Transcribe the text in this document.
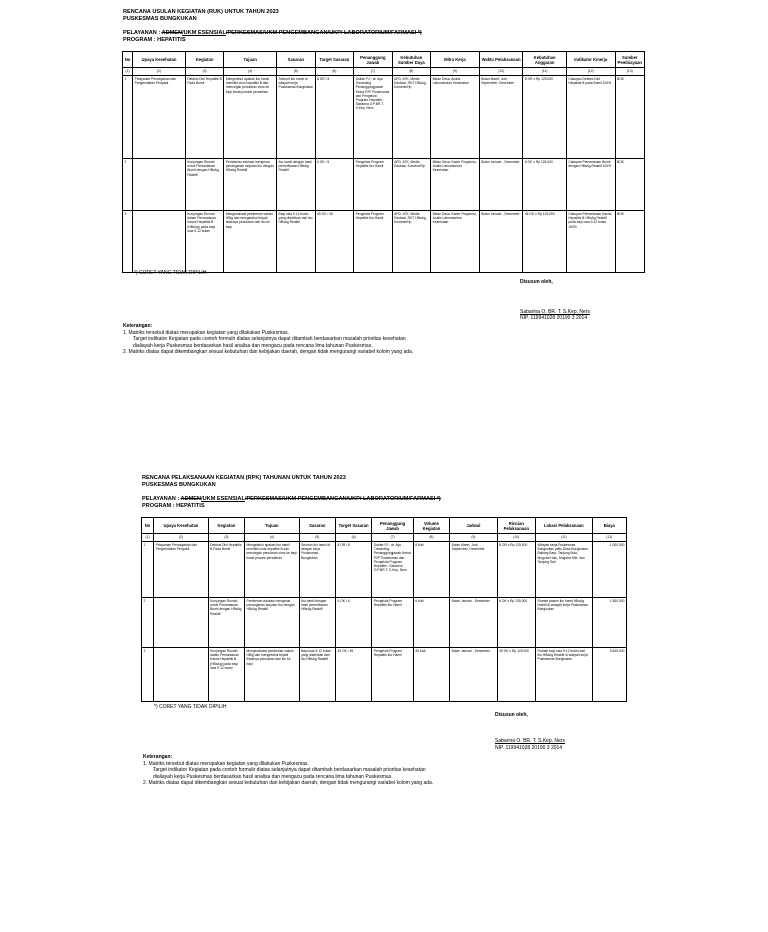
RENCANA USULAN KEGIATAN (RUK) UNTUK TAHUN 2023
PUSKESMAS BUNGKUKAN
PELAYANAN : ADMEN/UKM ESENSIAL/PERKESMAS/UKM PENGEMBANGAN/UKP/ LABORATORIUM/FARMASI *)
PROGRAM : HEPATITIS
No	Upaya Kesehatan	Kegiatan	Tujuan	Sasaran	Target Sasaran	Penanggung Jawab	Kebutuhan Sumber Daya	Mitra Kerja	Waktu Pelaksanaan	Kebutuhan Anggaran	Indikator Kinerja	Sumber Pembiayaan
(1)	(2)	(3)	(4)	(5)	(6)	(7)	(8)	(9)	(10)	(11)	(12)	(13)
1	Pelayanan Pencegahan dan Pengendalian Penyakit	Deteksi Dini Hepatitis B Pada Bumil	Mengetahui apakah ibu hamil memiliki virus hepatitis B dan mencegah penularan virus ke bayi lewat prosesi persalinan	Seluruh ibu hamil di wilayah kerja Puskesmas Bungkukan	8 OR / 8	Dokter PJ : dr. Ayu Trimanting Penanggungjawab Ketua P2P Puskesmas dan Pengelola Program Hepatitis : Sabarina O.P.BR.T, S.Kep, Ners	APD, ATK, Media Edukasi, RDT HBsAg, Komersi/Hp	Bidan Desa, Analis Laboratorium Kesehatan	Bulan Maret, Juni, September, Desember	8 OR x Rp 125.000	Cakupan Deteksi Dini Hepatitis B pada Bumil 100%	BOK
2		Kunjungan Rumah untuk Pemantauan Bumil dengan HBsAg Reaktif	Pemberian edukasi mengenai penanganan lanjutan ibu dengan HBsAg Reaktif	Ibu hamil dengan hasil pemeriksaan HBsAg Reaktif	6 OK / 6	Pengelola Program Hepatitis Ibu Hamil	APD, ATK, Media Edukasi, Komersi/Hp	Bidan Desa, Kader Posyandu, Analis Laboratorium Kesehatan	Bulan Januari - Desember	6 OK x Rp 125.000	Cakupan Pemantauan Bumil dengan HBsAg Reaktif 100%	BOK
3		Kunjungan Rumah dalam Pemantauan Kasus Hepatitis B (HBsAg) pada bayi usia 9-12 bulan	Mengevaluasi pemberian vaksin HBig dan mengetahui terjadi tidaknya penularan dari ibu ke bayi	Bayi usia 9-12 bulan yang dilahirkan dari ibu HBsAg Reaktif	45 OK / 45	Pengelola Program Hepatitis Ibu Hamil	APD, ATK, Media Edukasi, RDT HBsAg, Komersi/Hp	Bidan Desa, Kader Posyandu, Analis Laboratorium Kesehatan	Bulan Januari - Desember	45 OK x Rp 125.000	Cakupan Pemantauan Kasus Hepatitis B HBsAg Reaktif pada bayi usia 9-12 bulan 100%	BOK
*) CORET YANG TIDAK DIPILIH
Disusun oleh,
Sabarina O. BR. T. S.Kep. Ners
NIP. 119941028 20190 3 2014
Keterangan:
1. Matriks tersebut diatas merupakan kegiatan yang dilakukan Puskesmas.
Target indikator Kegiatan pada contoh formulir diatas selanjutnya dapat ditambah berdasarkan masalah prioritas kesehatan
dialiayah kerja Puskesmas berdasarkan hasil analisa dan mengacu pada rencana lima tahunan Puskesmas.
2. Matriks diatas dapat dikembangkan sesuai kebutuhan dan kebijakan daerah, dengan tidak mengurangi variabel kolom yang ada.
RENCANA PELAKSANAAN KEGIATAN (RPK) TAHUNAN UNTUK TAHUN 2023
PUSKESMAS BUNGKUKAN
PELAYANAN : ADMEN/UKM ESENSIAL/PERKESMAS/UKM PENGEMBANGAN/UKP/ LABORATORIUM/FARMASI *)
PROGRAM : HEPATITIS
No	Upaya Kesehatan	Kegiatan	Tujuan	Sasaran	Target Sasaran	Penanggung Jawab	Volume Kegiatan	Jadwal	Rincian Pelaksanaan	Lokasi Pelaksanaan	Biaya
(1)	(2)	(3)	(4)	(5)	(6)	(7)	(8)	(9)	(10)	(11)	(12)
1	Pelayanan Pencegahan dan Pengendalian Penyakit	Deteksi Dini Hepatitis B Pada Bumil	Mengetahui apakah ibu hamil memiliki virus hepatitis B dan mencegah penularan virus ke bayi lewat prosesi persalinan	Seluruh ibu hamil di wilayah kerja Puskesmas Bungkukan	8 OR / 8	Dokter PJ : dr. Ayu Trimanting Penanggungjawab Ketua P2P Puskesmas dan Pengelola Program Hepatitis : Sabarina O.P.BR.T, S.Kep, Ners	8 Kali	Bulan Maret, Juni, September, Desember	8 OR x Rp 125.000	Wilayah kerja Puskesmas Bungkukan yaitu Desa Bungkukan, Ballang Batu, Tanjung Bulu, Mogoba Hulu, Mogoba Hilir, dan Tanjung Sari	1,000,000
2		Kunjungan Rumah untuk Pemantauan Bumil dengan HBsAg Reaktif	Pemberian edukasi mengenai penanganan lanjutan ibu dengan HBsAg Reaktif	Ibu hamil dengan hasil pemeriksaan HBsAg Reaktif	6 OK / 6	Pengelola Program Hepatitis Ibu Hamil	6 Kali	Bulan Januari - Desember	6 OK x Rp 125.000	Rumah pasien ibu hamil HBsAg reaktif di wilayah kerja Puskesmas Bungkukan	1,500,000
3		Kunjungan Rumah dalam Pemantauan Kasus Hepatitis B (HBsAg) pada bayi usia 9-12 bulan	Mengevaluasi pemberian vaksin HBig dan mengetahui terjadi tidaknya penularan dari ibu ke bayi	Bayi usia 9-12 bulan yang dilahirkan dari ibu HBsAg Reaktif	45 OK / 45	Pengelola Program Hepatitis Ibu Hamil	45 Kali	Bulan Januari - Desember	45 OK x Rp 125.000	Rumah bayi usia 9-12 bulan dari ibu HBsAg Reaktif di wilayah kerja Puskesmas Bungkukan	5,625,000
*) CORET YANG TIDAK DIPILIH
Disusun oleh,
Sabarina O. BR. T. S.Kep. Ners
NIP. 119941028 20190 3 2014
Keterangan:
1. Matriks tersebut diatas merupakan kegiatan yang dilakukan Puskesmas.
Target indikator Kegiatan pada contoh formulir diatas selanjutnya dapat ditambah berdasarkan masalah prioritas kesehatan
dialiayah kerja Puskesmas berdasarkan hasil analisa dan mengacu pada rencana lima tahunan Puskesmas.
2. Matriks diatas dapat dikembangkan sesuai kebutuhan dan kebijakan daerah, dengan tidak mengurangi variabel kolom yang ada.
